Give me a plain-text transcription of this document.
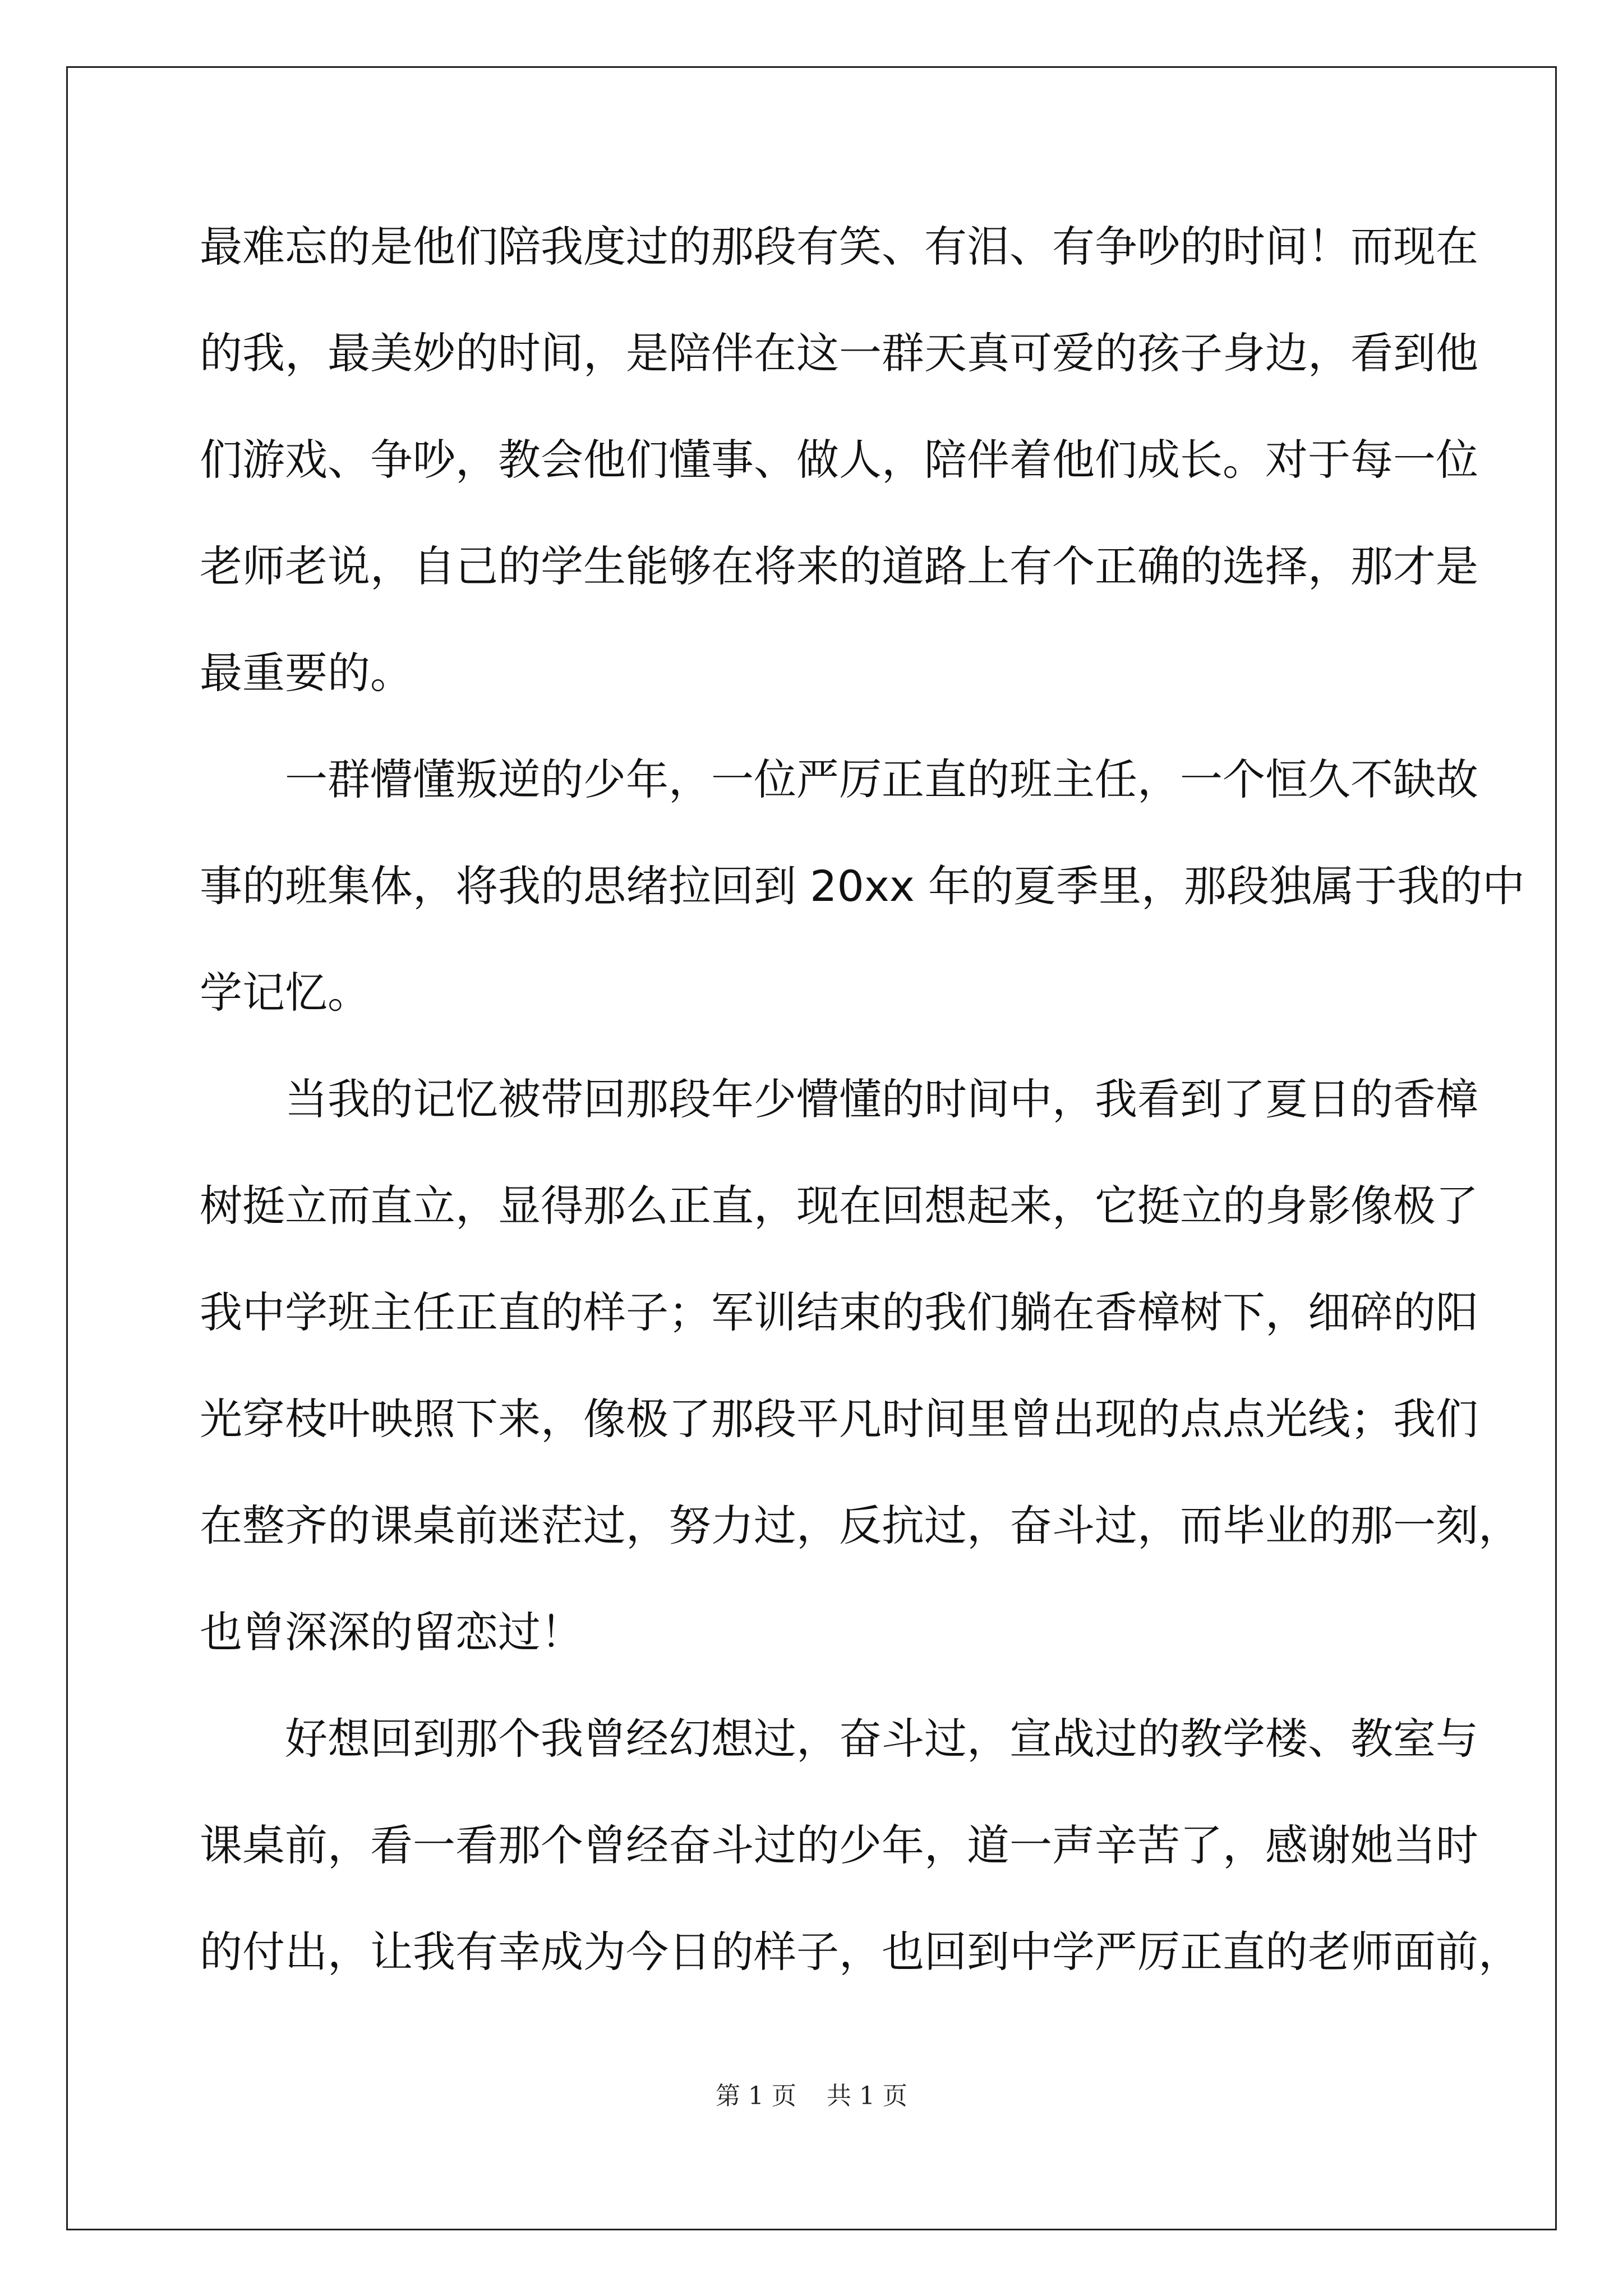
最难忘的是他们陪我度过的那段有笑、有泪、有争吵的时间！而现在
的我，最美妙的时间，是陪伴在这一群天真可爱的孩子身边，看到他
们游戏、争吵，教会他们懂事、做人，陪伴着他们成长。对于每一位
老师老说，自己的学生能够在将来的道路上有个正确的选择，那才是
最重要的。
一群懵懂叛逆的少年，一位严厉正直的班主任，一个恒久不缺故
事的班集体，将我的思绪拉回到 20xx 年的夏季里，那段独属于我的中
学记忆。
当我的记忆被带回那段年少懵懂的时间中，我看到了夏日的香樟
树挺立而直立，显得那么正直，现在回想起来，它挺立的身影像极了
我中学班主任正直的样子；军训结束的我们躺在香樟树下，细碎的阳
光穿枝叶映照下来，像极了那段平凡时间里曾出现的点点光线；我们
在整齐的课桌前迷茫过，努力过，反抗过，奋斗过，而毕业的那一刻，
也曾深深的留恋过！
好想回到那个我曾经幻想过，奋斗过，宣战过的教学楼、教室与
课桌前，看一看那个曾经奋斗过的少年，道一声辛苦了，感谢她当时
的付出，让我有幸成为今日的样子，也回到中学严厉正直的老师面前，
第 1 页 共 1 页
